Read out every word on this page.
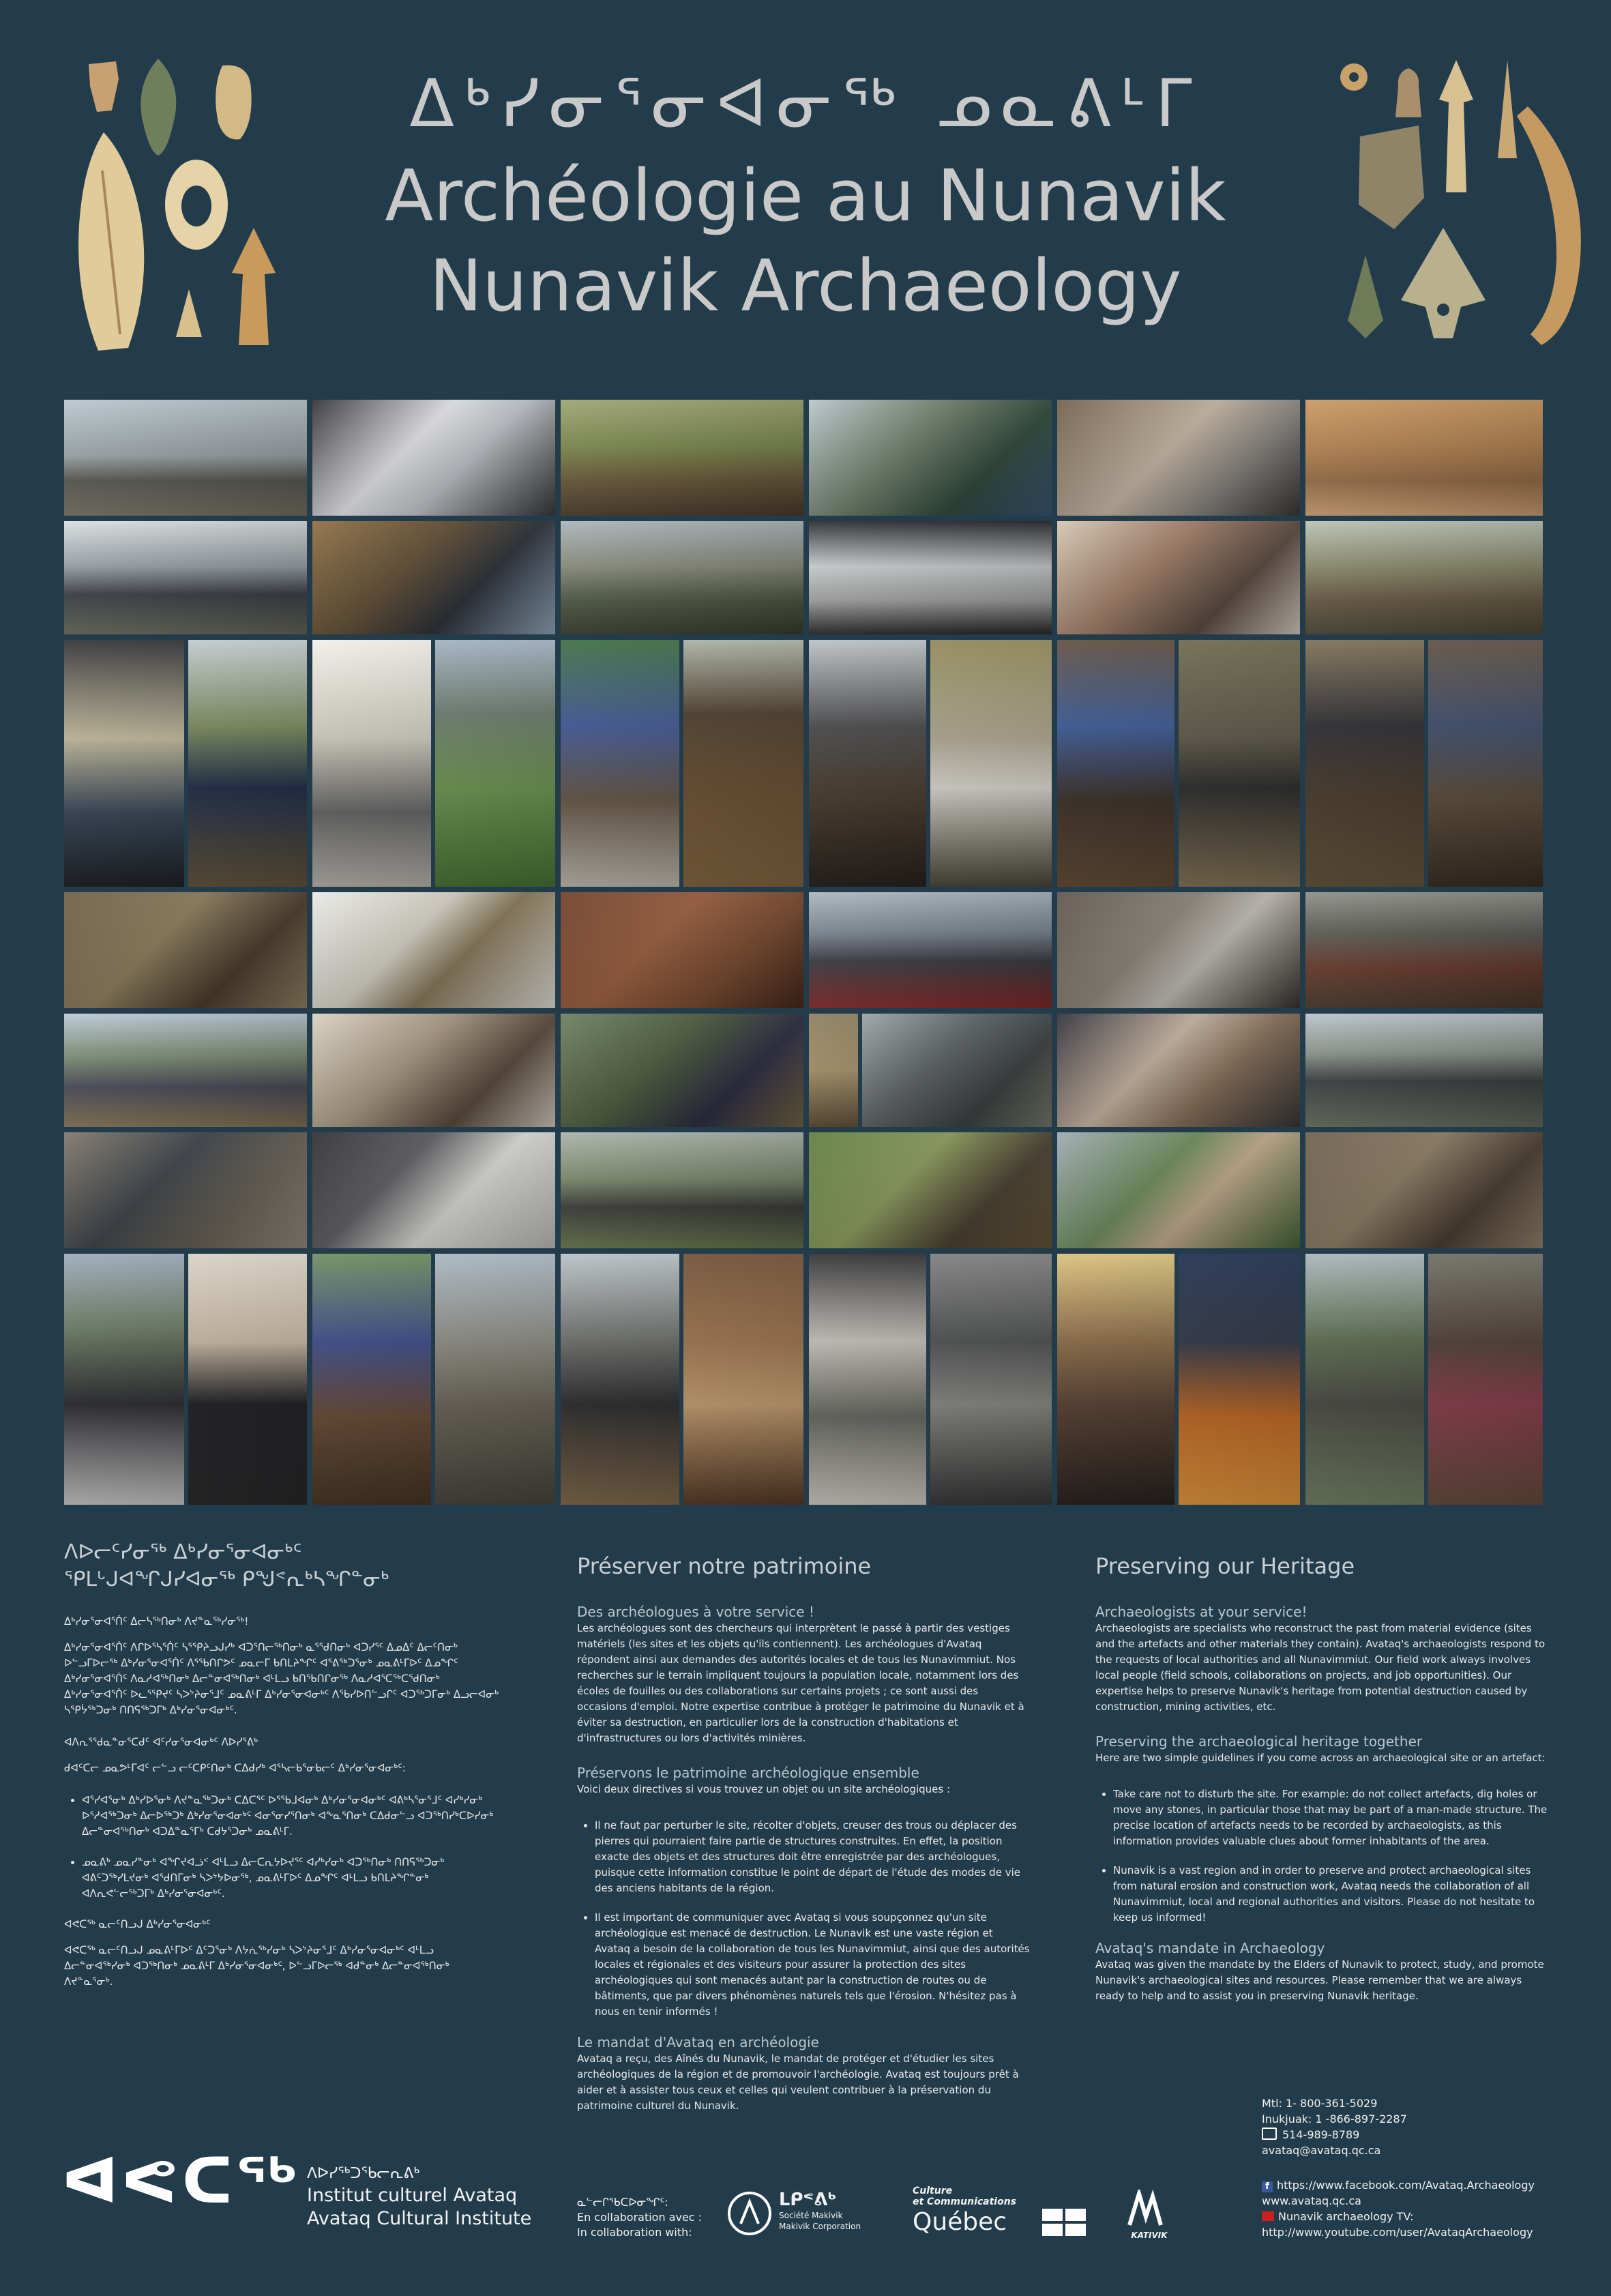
ᐃᒃᓯᓂᕐᓂᐊᓂᖅ ᓄᓇᕕᒻᒥ
Archéologie au Nunavik
Nunavik Archaeology

ᐱᐅᓕᑦᓯᓂᖅ ᐃᒃᓯᓂᕐᓂᐊᓂᒃᑦ

ᕿᒪᒡᒍᐊᖏᒍᓯᐊᓂᖅ ᑭᖑᕝᕆᒃᓴᖏᓐᓂᒃ

ᐃᒃᓯᓂᕐᓂᐊᕐᑏᑦ ᐃᓕᓴᖅᑎᓂᒃ ᐱᔪᓐᓇᖅᓯᓂᖅ!

ᐃᒃᓯᓂᕐᓂᐊᕐᑏᑦ ᐱᒋᐅᕐᓴᕐᑏᑦ ᓴᕐᕿᔨᓗᒍᓯᒃ ᐊᑐᕐᑎᓕᖅᑎᓂᒃ ᓇᕐᖁᑎᓂᒃ ᐊᑐᓯᕐᑦ ᐃᓄᐃᑦ ᐃᓕᑦᑎᓂᒃ ᐅᓪᓗᒥᐅᓕᖅ ᐃᒃᓯᓂᕐᓂᐊᕐᑏᑦ ᐱᕐᖃᑎᒋᕗᑦ ᓄᓇᓕᒥ ᑲᑎᒪᔨᖏᑦ ᐊᕐᕕᖅᑐᕐᓂᒃ ᓄᓇᕕᒻᒥᐅᑦ ᐃᓄᖏᑦ ᐃᒃᓯᓂᕐᓂᐊᕐᑏᑦ ᐱᓇᓱᐊᖅᑎᓂᒃ ᐃᓕᓐᓂᐊᖅᑎᓂᒃ ᐊᒻᒪᓗ ᑲᑎᖃᑎᒋᓂᖅ ᐱᓇᓱᐊᕐᑕᖅᑕᖁᑎᓂᒃ ᐃᒃᓯᓂᕐᓂᐊᕐᑏᑦ ᐅᓚᕐᕿᔪᑦ ᓴᐳᔾᔨᓂᕐᒧᑦ ᓄᓇᕕᒻᒥ ᐃᒃᓯᓂᕐᓂᐊᓂᒃᑦ ᐱᖃᓯᐅᑎᓪᓗᒋᑦ ᐊᑐᖅᑐᒥᓂᒃ ᐃᓗᓕᐊᓂᒃ ᓴᕿᔮᖅᑐᓂᒃ ᑎᑎᕋᖅᑐᒥᒃ ᐃᒃᓯᓂᕐᓂᐊᓂᒃᑦ.

ᐊᐱᕆᕐᖁᓇᓐᓂᕐᑕᑯᑦ ᐊᑦᓯᓂᕐᓂᐊᓂᒃᑦ ᐱᐅᓯᕐᕕᒃ

ᑯᐊᑦᑕᓕ ᓄᓇᕗᒻᒥᐊᑦ ᓕᓪᓗ ᓕᑦᑕᑭᑦᑎᓂᒃ ᑕᐃᑯᓯᒃ ᐊᕐᓴᓕᑲᕐᓂᑲᓕᑦ ᐃᒃᓯᓂᕐᓂᐊᓂᒃᑦ:

• ᐊᕐᓯᐊᕐᓂᒃ ᐃᒃᓯᐅᕐᓂᒃ ᐱᔪᓐᓇᖅᑐᓂᒃ ᑕᐃᑕᕐᑦ ᐅᕐᖃᒧᐊᓂᒃ ᐃᒃᓯᓂᕐᓂᐊᓂᒃᑦ ᐊᕕᒃᓴᕐᓂᕐᒧᑦ ᐊᓯᒃᓯᓂᒃ ᐅᕐᓱᐊᖅᑐᓂᒃ ᐃᓕᐅᖅᑐᒃ ᐃᒃᓯᓂᕐᓂᐊᓂᒃᑦ ᐊᓂᕐᓂᓯᕐᑎᓂᒃ ᐊᖕᓇᕐᑎᓂᒃ ᑕᐃᑯᓂᓪᓗ ᐊᑐᖅᑎᓯᒃᑕᐅᓯᓂᒃ ᐃᓕᓐᓂᐊᖅᑎᓂᒃ ᐊᑐᐃᓐᓇᕐᒥᒃ ᑕᑯᔭᕐᑐᓂᒃ ᓄᓇᕕᒻᒥ.
• ᓄᓇᕕᒃ ᓄᓇᓯᓐᓂᒃ ᐊᖏᔪᐊᓘᑉ ᐊᒻᒪᓗ ᐃᓕᑕᕆᔭᐅᔪᕐᑦ ᐊᓯᒃᓯᓂᒃ ᐊᑐᖅᑎᓂᒃ ᑎᑎᕋᖅᑐᓂᒃ ᐊᕕᑦᑐᖅᓯᒪᔪᓂᒃ ᐊᖁᑎᒥᓂᒃ ᓴᐳᔾᔭᐅᓂᖅ, ᓄᓇᕕᒻᒥᐅᑦ ᐃᓄᖏᑦ ᐊᒻᒪᓗ ᑲᑎᒪᔨᖏᓐᓂᒃ ᐊᐱᕆᕙᓪᓕᖅᑐᒥᒃ ᐃᒃᓯᓂᕐᓂᐊᓂᒃᑦ.

ᐊᕙᑕᖅ ᓇᓕᑦᑎᓗᒍ ᐃᒃᓯᓂᕐᓂᐊᓂᒃᑦ

ᐊᕙᑕᖅ ᓇᓕᑦᑎᓗᒍ ᓄᓇᕕᒻᒥᐅᑦ ᐃᑦᑐᕐᓂᒃ ᐱᔭᕇᖅᓯᓂᒃ ᓴᐳᔾᔨᓂᕐᒧᑦ ᐃᒃᓯᓂᕐᓂᐊᓂᒃᑦ ᐊᒻᒪᓗ ᐃᓕᓐᓂᐊᖅᓯᓂᒃ ᐊᑐᖅᑎᓂᒃ ᓄᓇᕕᒻᒥ ᐃᒃᓯᓂᕐᓂᐊᓂᒃᑦ, ᐅᓪᓗᒥᐅᓕᖅ ᐊᑯᓐᓂᒃ ᐃᓕᓐᓂᐊᖅᑎᓂᒃ ᐱᔪᓐᓇᕐᓂᒃ.

Préserver notre patrimoine

Des archéologues à votre service !

Les archéologues sont des chercheurs qui interprètent le passé à partir des vestiges matériels (les sites et les objets qu'ils contiennent). Les archéologues d'Avataq répondent ainsi aux demandes des autorités locales et de tous les Nunavimmiut. Nos recherches sur le terrain impliquent toujours la population locale, notamment lors des écoles de fouilles ou des collaborations sur certains projets ; ce sont aussi des occasions d'emploi. Notre expertise contribue à protéger le patrimoine du Nunavik et à éviter sa destruction, en particulier lors de la construction d'habitations et d'infrastructures ou lors d'activités minières.

Préservons le patrimoine archéologique ensemble

Voici deux directives si vous trouvez un objet ou un site archéologiques :

• Il ne faut par perturber le site, récolter d'objets, creuser des trous ou déplacer des pierres qui pourraient faire partie de structures construites. En effet, la position exacte des objets et des structures doit être enregistrée par des archéologues, puisque cette information constitue le point de départ de l'étude des modes de vie des anciens habitants de la région.
• Il est important de communiquer avec Avataq si vous soupçonnez qu'un site archéologique est menacé de destruction. Le Nunavik est une vaste région et Avataq a besoin de la collaboration de tous les Nunavimmiut, ainsi que des autorités locales et régionales et des visiteurs pour assurer la protection des sites archéologiques qui sont menacés autant par la construction de routes ou de bâtiments, que par divers phénomènes naturels tels que l'érosion. N'hésitez pas à nous en tenir informés !

Le mandat d'Avataq en archéologie

Avataq a reçu, des Aînés du Nunavik, le mandat de protéger et d'étudier les sites archéologiques de la région et de promouvoir l'archéologie. Avataq est toujours prêt à aider et à assister tous ceux et celles qui veulent contribuer à la préservation du patrimoine culturel du Nunavik.

Preserving our Heritage

Archaeologists at your service!

Archaeologists are specialists who reconstruct the past from material evidence (sites and the artefacts and other materials they contain). Avataq's archaeologists respond to the requests of local authorities and all Nunavimmiut. Our field work always involves local people (field schools, collaborations on projects, and job opportunities). Our expertise helps to preserve Nunavik's heritage from potential destruction caused by construction, mining activities, etc.

Preserving the archaeological heritage together

Here are two simple guidelines if you come across an archaeological site or an artefact:

• Take care not to disturb the site. For example: do not collect artefacts, dig holes or move any stones, in particular those that may be part of a man-made structure. The precise location of artefacts needs to be recorded by archaeologists, as this information provides valuable clues about former inhabitants of the area.
• Nunavik is a vast region and in order to preserve and protect archaeological sites from natural erosion and construction work, Avataq needs the collaboration of all Nunavimmiut, local and regional authorities and visitors. Please do not hesitate to keep us informed!

Avataq's mandate in Archaeology

Avataq was given the mandate by the Elders of Nunavik to protect, study, and promote Nunavik's archaeological sites and resources. Please remember that we are always ready to help and to assist you in preserving Nunavik heritage.

ᐊᕙᑕᖅ ᐱᐅᓯᖅᑐᖃᓕᕆᕕᒃ
Institut culturel Avataq
Avataq Cultural Institute
ᓇᓪᓕᒋᖃᑕᐅᓂᖏᑦ:
En collaboration avec :
In collaboration with:
ᒪᑭᕝᕕᒃ
Société Makivik
Makivik Corporation
Culture
et Communications
Québec	KATIVIK
Mtl: 1- 800-361-5029
Inukjuak: 1 -866-897-2287
514-989-8789
avataq@avataq.qc.ca
f https://www.facebook.com/Avataq.Archaeology
www.avataq.qc.ca
Nunavik archaeology TV:
http://www.youtube.com/user/AvataqArchaeology
